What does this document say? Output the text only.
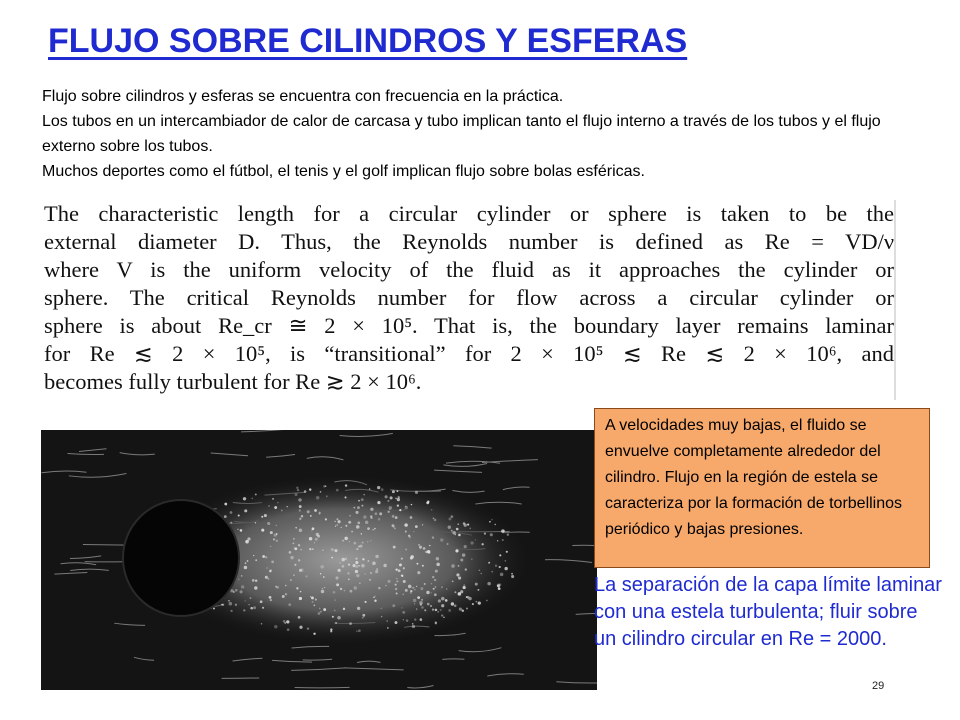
FLUJO SOBRE CILINDROS Y ESFERAS

Flujo sobre cilindros y esferas se encuentra con frecuencia en la práctica.

Los tubos en un intercambiador de calor de carcasa y tubo implican tanto el flujo interno a través de los tubos y el flujo externo sobre los tubos.

Muchos deportes como el fútbol, el tenis y el golf implican flujo sobre bolas esféricas.

The characteristic length for a circular cylinder or sphere is taken to be the
external diameter D. Thus, the Reynolds number is defined as Re = VD/ν
where V is the uniform velocity of the fluid as it approaches the cylinder or
sphere. The critical Reynolds number for flow across a circular cylinder or
sphere is about Re_cr ≅ 2 × 10⁵. That is, the boundary layer remains laminar
for Re ≲ 2 × 10⁵, is “transitional” for 2 × 10⁵ ≲ Re ≲ 2 × 10⁶, and
becomes fully turbulent for Re ≳ 2 × 10⁶.
A velocidades muy bajas, el fluido se envuelve completamente alrededor del cilindro. Flujo en la región de estela se caracteriza por la formación de torbellinos periódico y bajas presiones.
La separación de la capa límite laminar con una estela turbulenta; fluir sobre un cilindro circular en Re = 2000.
29
